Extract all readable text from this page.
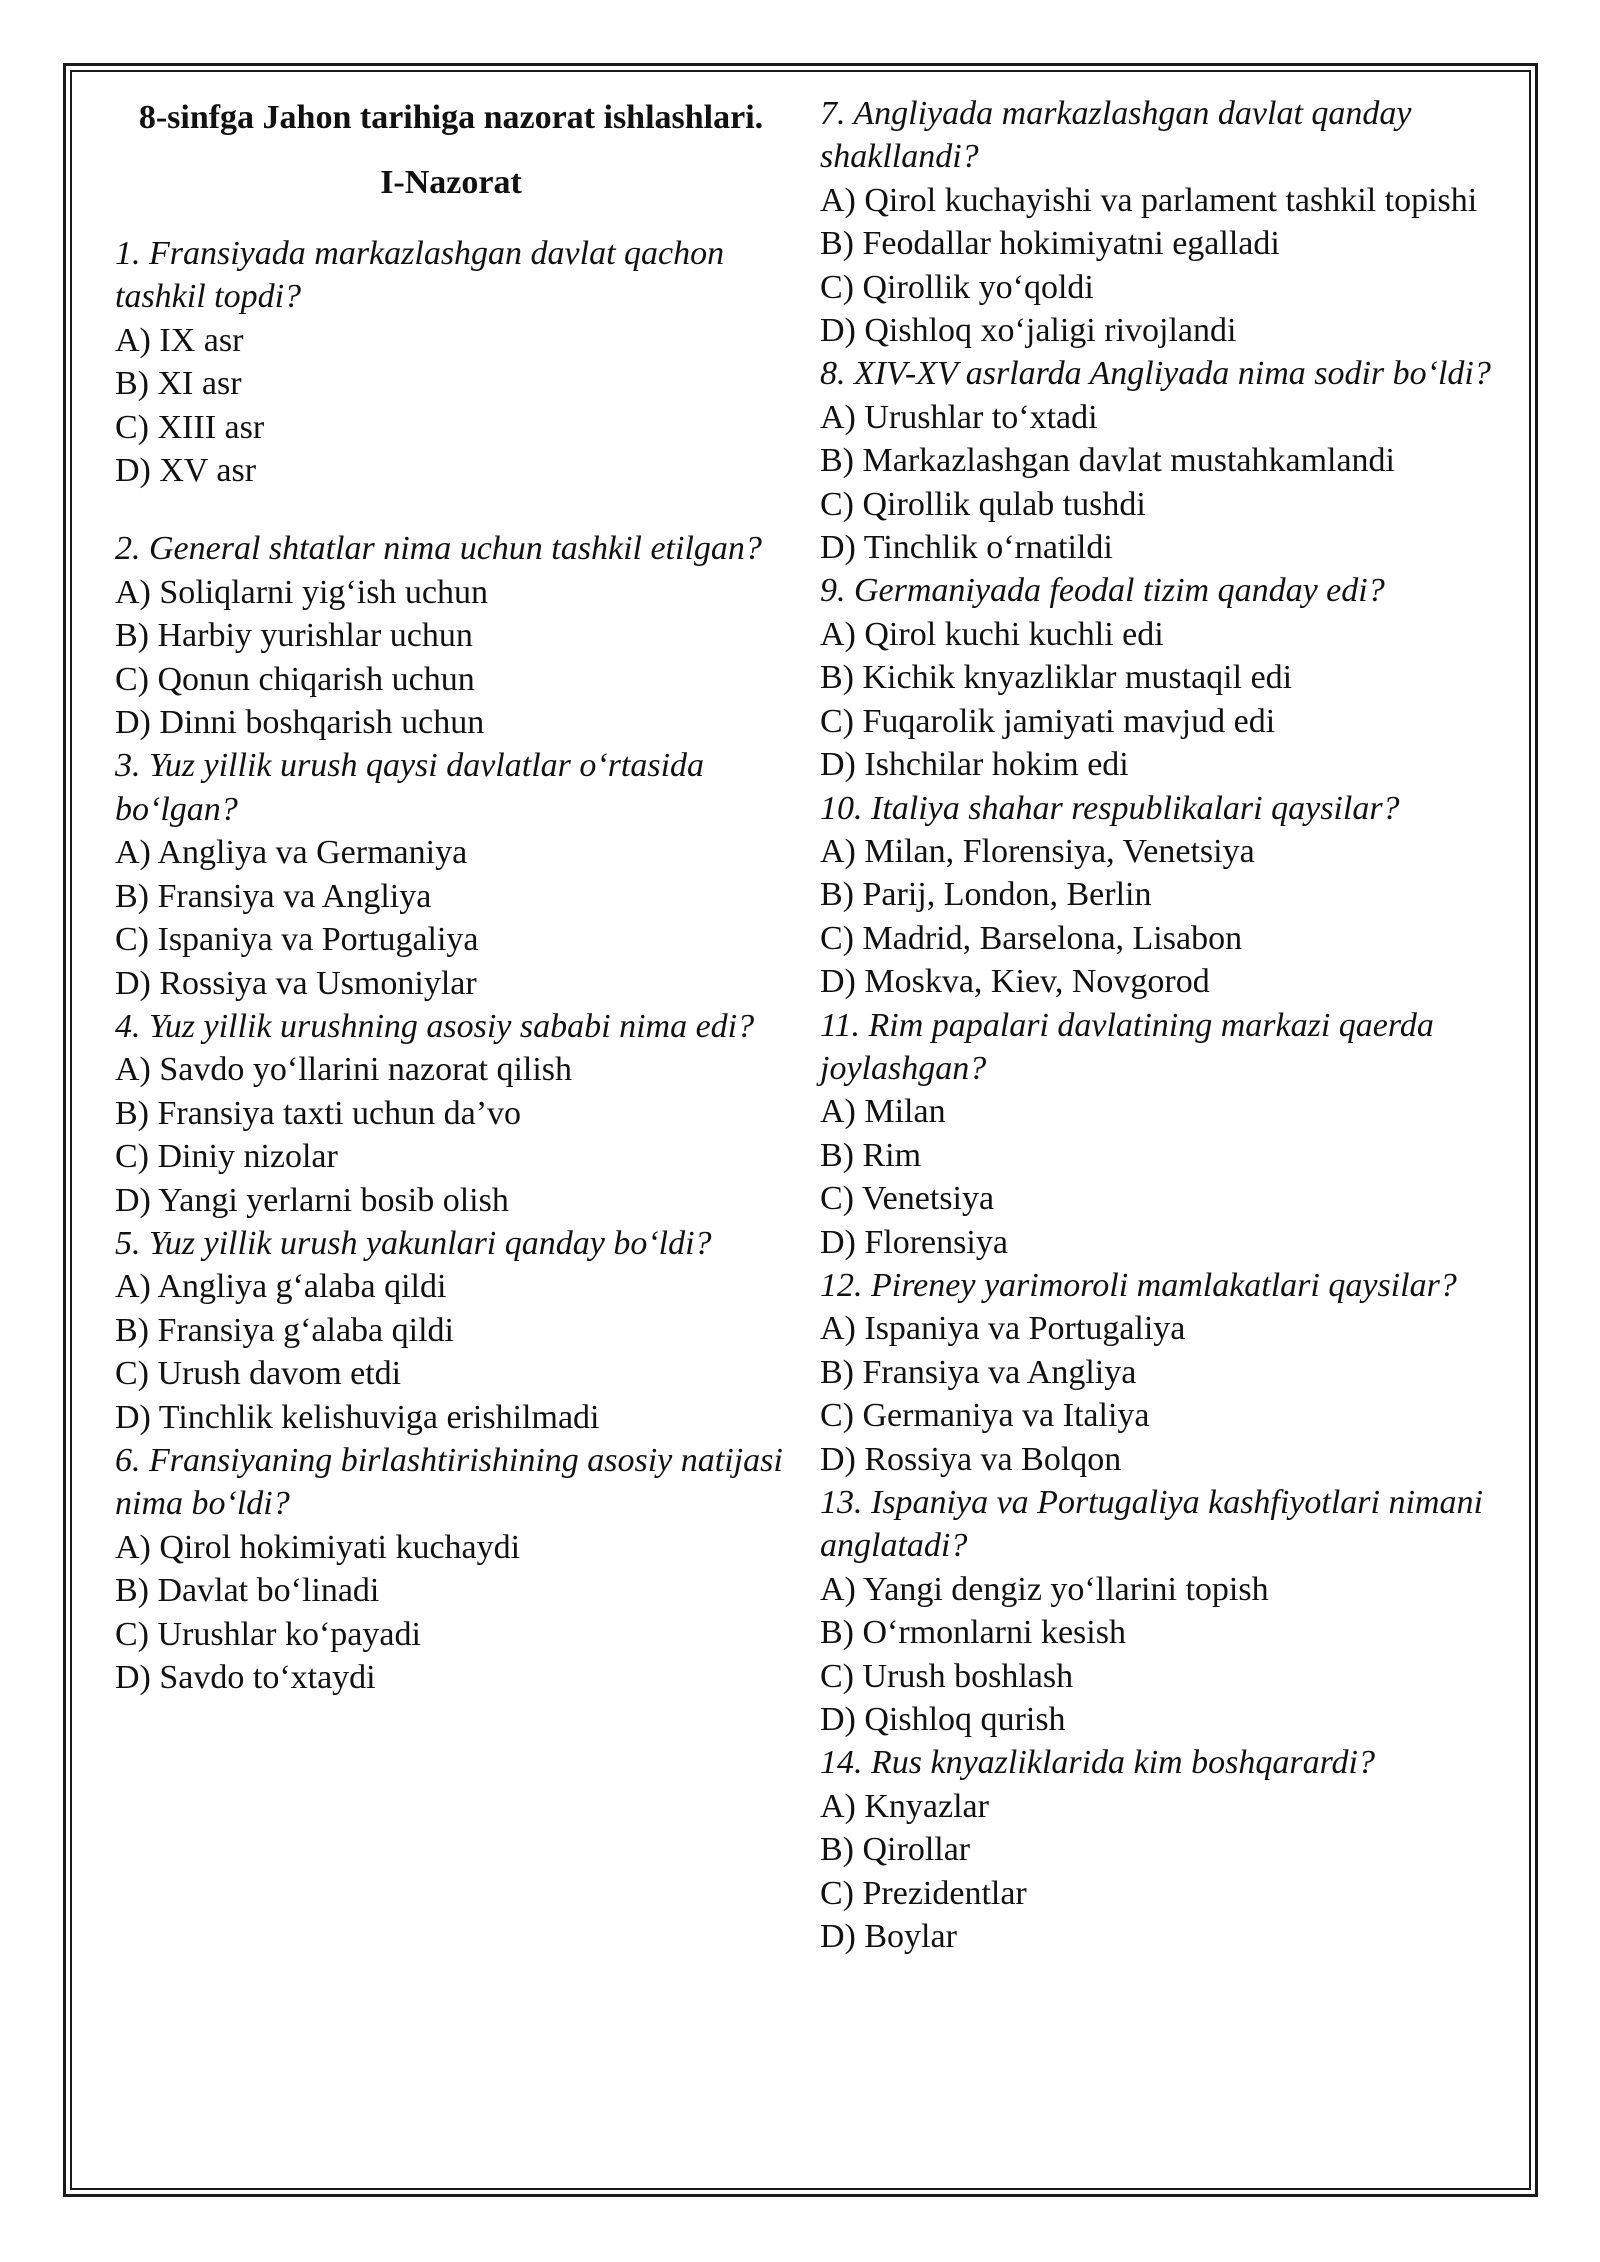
8-sinfga Jahon tarihiga nazorat ishlashlari.

I-Nazorat

1. Fransiyada markazlashgan davlat qachon tashkil topdi?

A) IX asr

B) XI asr

C) XIII asr

D) XV asr

2. General shtatlar nima uchun tashkil etilgan?

A) Soliqlarni yig‘ish uchun

B) Harbiy yurishlar uchun

C) Qonun chiqarish uchun

D) Dinni boshqarish uchun

3. Yuz yillik urush qaysi davlatlar o‘rtasida bo‘lgan?

A) Angliya va Germaniya

B) Fransiya va Angliya

C) Ispaniya va Portugaliya

D) Rossiya va Usmoniylar

4. Yuz yillik urushning asosiy sababi nima edi?

A) Savdo yo‘llarini nazorat qilish

B) Fransiya taxti uchun da’vo

C) Diniy nizolar

D) Yangi yerlarni bosib olish

5. Yuz yillik urush yakunlari qanday bo‘ldi?

A) Angliya g‘alaba qildi

B) Fransiya g‘alaba qildi

C) Urush davom etdi

D) Tinchlik kelishuviga erishilmadi

6. Fransiyaning birlashtirishining asosiy natijasi nima bo‘ldi?

A) Qirol hokimiyati kuchaydi

B) Davlat bo‘linadi

C) Urushlar ko‘payadi

D) Savdo to‘xtaydi

7. Angliyada markazlashgan davlat qanday shakllandi?

A) Qirol kuchayishi va parlament tashkil topishi

B) Feodallar hokimiyatni egalladi

C) Qirollik yo‘qoldi

D) Qishloq xo‘jaligi rivojlandi

8. XIV-XV asrlarda Angliyada nima sodir bo‘ldi?

A) Urushlar to‘xtadi

B) Markazlashgan davlat mustahkamlandi

C) Qirollik qulab tushdi

D) Tinchlik o‘rnatildi

9. Germaniyada feodal tizim qanday edi?

A) Qirol kuchi kuchli edi

B) Kichik knyazliklar mustaqil edi

C) Fuqarolik jamiyati mavjud edi

D) Ishchilar hokim edi

10. Italiya shahar respublikalari qaysilar?

A) Milan, Florensiya, Venetsiya

B) Parij, London, Berlin

C) Madrid, Barselona, Lisabon

D) Moskva, Kiev, Novgorod

11. Rim papalari davlatining markazi qaerda joylashgan?

A) Milan

B) Rim

C) Venetsiya

D) Florensiya

12. Pireney yarimoroli mamlakatlari qaysilar?

A) Ispaniya va Portugaliya

B) Fransiya va Angliya

C) Germaniya va Italiya

D) Rossiya va Bolqon

13. Ispaniya va Portugaliya kashfiyotlari nimani anglatadi?

A) Yangi dengiz yo‘llarini topish

B) O‘rmonlarni kesish

C) Urush boshlash

D) Qishloq qurish

14. Rus knyazliklarida kim boshqarardi?

A) Knyazlar

B) Qirollar

C) Prezidentlar

D) Boylar
